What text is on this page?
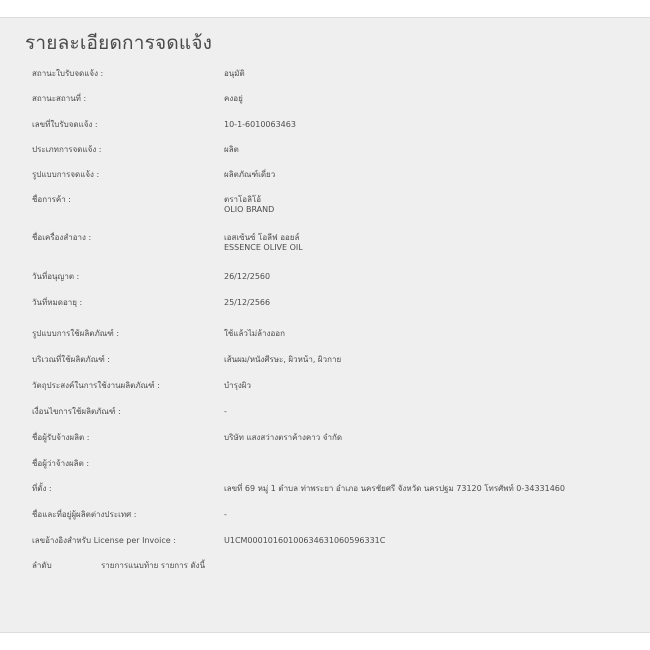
รายละเอียดการจดแจ้ง
สถานะใบรับจดแจ้ง :	อนุมัติ
สถานะสถานที่ :	คงอยู่
เลขที่ใบรับจดแจ้ง :	10-1-6010063463
ประเภทการจดแจ้ง :	ผลิต
รูปแบบการจดแจ้ง :	ผลิตภัณฑ์เดี่ยว
ชื่อการค้า :	ตราโอลิโอ้
OLIO BRAND
ชื่อเครื่องสำอาง :	เอสเซ้นซ์ โอลีฟ ออยล์
ESSENCE OLIVE OIL
วันที่อนุญาต :	26/12/2560
วันที่หมดอายุ :	25/12/2566
รูปแบบการใช้ผลิตภัณฑ์ :	ใช้แล้วไม่ล้างออก
บริเวณที่ใช้ผลิตภัณฑ์ :	เส้นผม/หนังศีรษะ, ผิวหน้า, ผิวกาย
วัตถุประสงค์ในการใช้งานผลิตภัณฑ์ :	บำรุงผิว
เงื่อนไขการใช้ผลิตภัณฑ์ :	-
ชื่อผู้รับจ้างผลิต :	บริษัท แสงสว่างตราค้างคาว จำกัด
ชื่อผู้ว่าจ้างผลิต :
ที่ตั้ง :	เลขที่ 69 หมู่ 1 ตำบล ท่าพระยา อำเภอ นครชัยศรี จังหวัด นครปฐม 73120 โทรศัพท์ 0-34331460
ชื่อและที่อยู่ผู้ผลิตต่างประเทศ :	-
เลขอ้างอิงสำหรับ License per Invoice :	U1CM00010160100634631060596331C
ลำดับ	รายการแนบท้าย รายการ ดังนี้
